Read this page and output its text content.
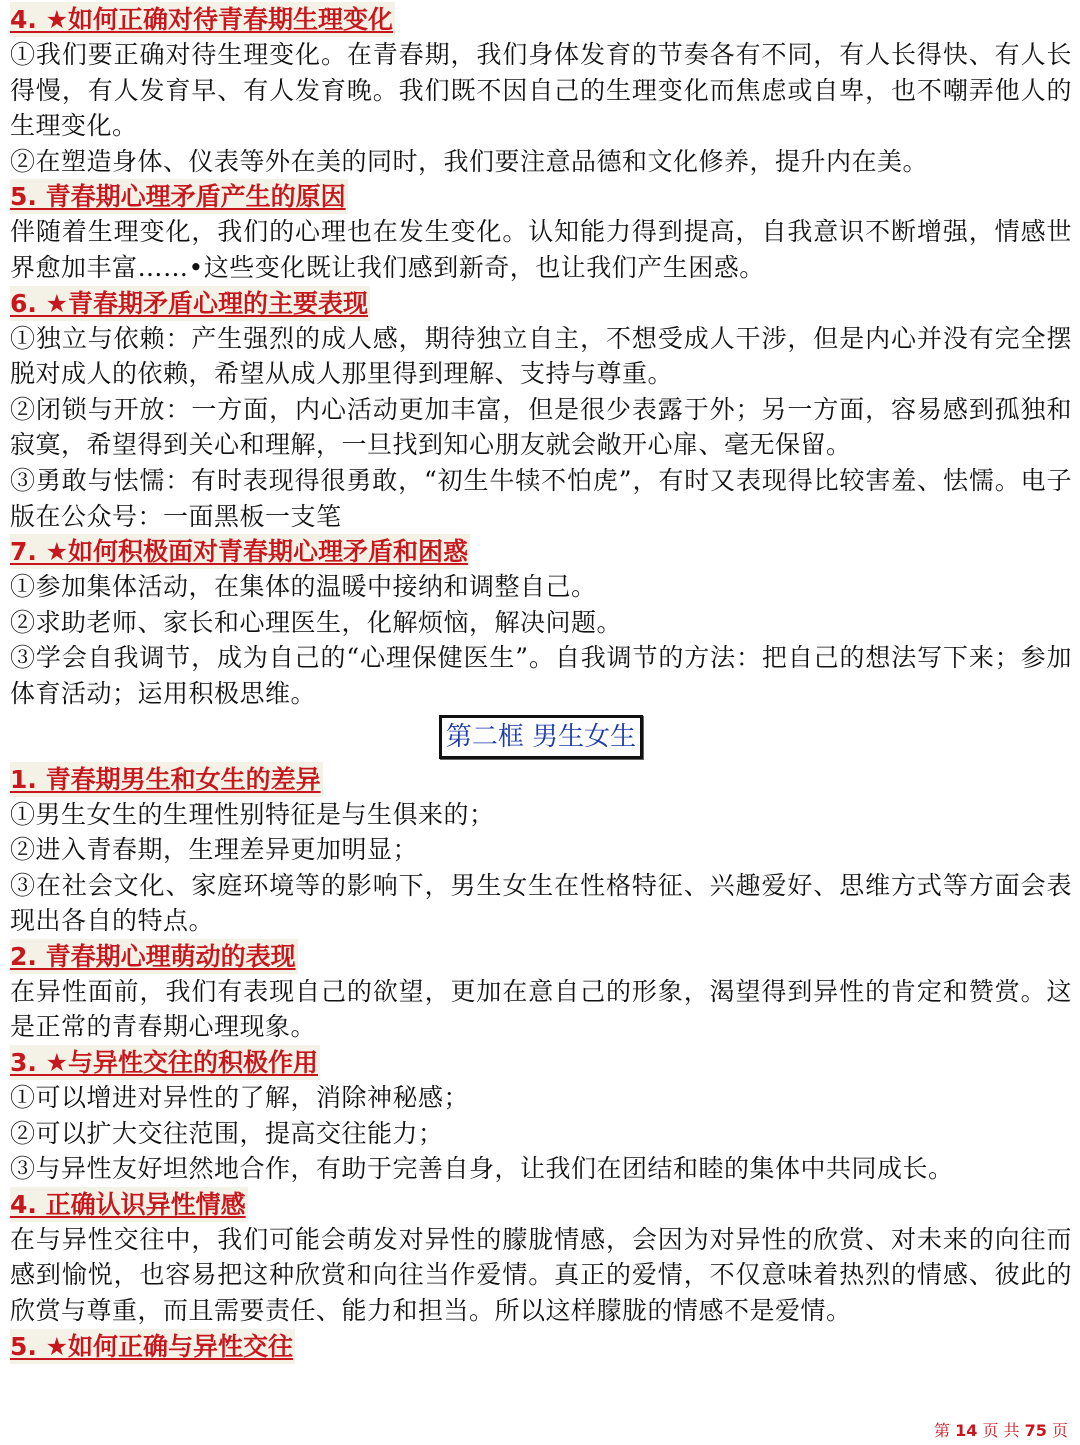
4. ★如何正确对待青春期生理变化

①我们要正确对待生理变化。在青春期，我们身体发育的节奏各有不同，有人长得快、有人长得慢，有人发育早、有人发育晚。我们既不因自己的生理变化而焦虑或自卑，也不嘲弄他人的生理变化。

②在塑造身体、仪表等外在美的同时，我们要注意品德和文化修养，提升内在美。

5. 青春期心理矛盾产生的原因

伴随着生理变化，我们的心理也在发生变化。认知能力得到提高，自我意识不断增强，情感世界愈加丰富……•这些变化既让我们感到新奇，也让我们产生困惑。

6. ★青春期矛盾心理的主要表现

①独立与依赖：产生强烈的成人感，期待独立自主，不想受成人干涉，但是内心并没有完全摆脱对成人的依赖，希望从成人那里得到理解、支持与尊重。

②闭锁与开放：一方面，内心活动更加丰富，但是很少表露于外；另一方面，容易感到孤独和寂寞，希望得到关心和理解，一旦找到知心朋友就会敞开心扉、毫无保留。

③勇敢与怯懦：有时表现得很勇敢，“初生牛犊不怕虎”，有时又表现得比较害羞、怯懦。电子版在公众号：一面黑板一支笔

7. ★如何积极面对青春期心理矛盾和困惑

①参加集体活动，在集体的温暖中接纳和调整自己。

②求助老师、家长和心理医生，化解烦恼，解决问题。

③学会自我调节，成为自己的“心理保健医生”。自我调节的方法：把自己的想法写下来；参加体育活动；运用积极思维。

第二框 男生女生
1. 青春期男生和女生的差异

①男生女生的生理性别特征是与生俱来的；

②进入青春期，生理差异更加明显；

③在社会文化、家庭环境等的影响下，男生女生在性格特征、兴趣爱好、思维方式等方面会表现出各自的特点。

2. 青春期心理萌动的表现

在异性面前，我们有表现自己的欲望，更加在意自己的形象，渴望得到异性的肯定和赞赏。这是正常的青春期心理现象。

3. ★与异性交往的积极作用

①可以增进对异性的了解，消除神秘感；

②可以扩大交往范围，提高交往能力；

③与异性友好坦然地合作，有助于完善自身，让我们在团结和睦的集体中共同成长。

4. 正确认识异性情感

在与异性交往中，我们可能会萌发对异性的朦胧情感，会因为对异性的欣赏、对未来的向往而感到愉悦，也容易把这种欣赏和向往当作爱情。真正的爱情，不仅意味着热烈的情感、彼此的欣赏与尊重，而且需要责任、能力和担当。所以这样朦胧的情感不是爱情。

5. ★如何正确与异性交往
第 14 页 共 75 页
